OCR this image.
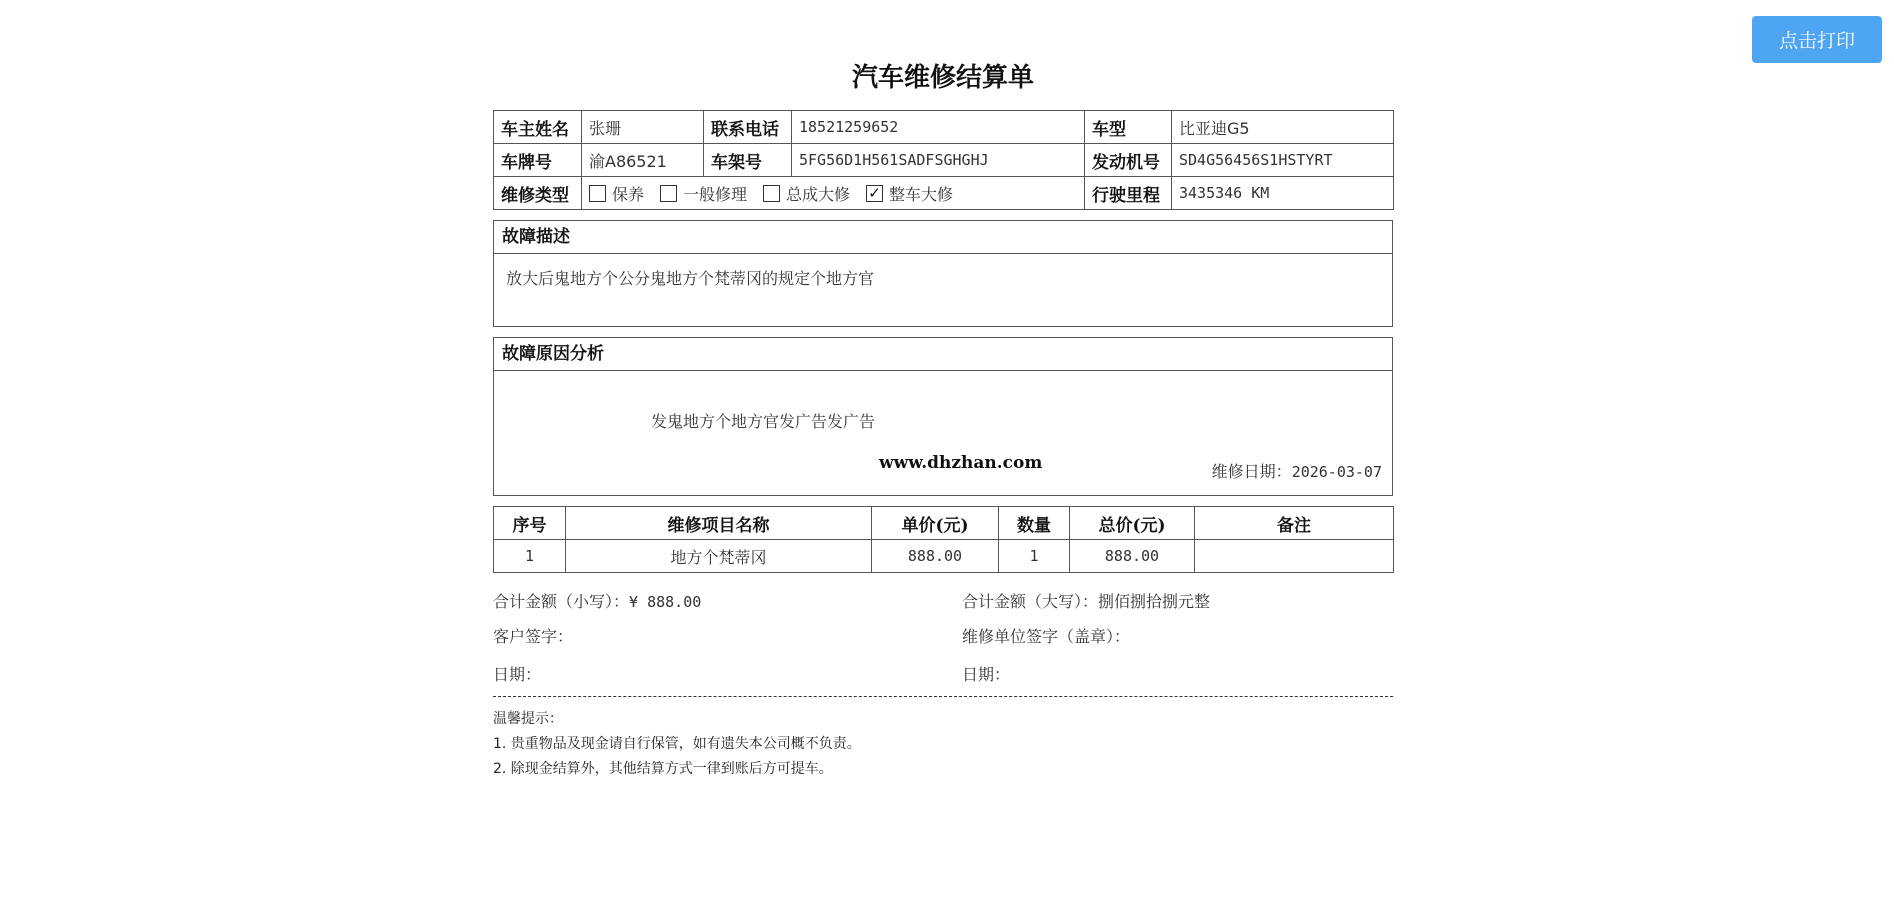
点击打印
汽车维修结算单
车主姓名	张珊	联系电话	18521259652	车型	比亚迪G5
车牌号	渝A86521	车架号	5FG56D1H561SADFSGHGHJ	发动机号	SD4G56456S1HSTYRT
维修类型	保养 一般修理 总成大修 ✓ 整车大修			行驶里程	3435346 KM
故障描述
放大后鬼地方个公分鬼地方个梵蒂冈的规定个地方官
故障原因分析
发鬼地方个地方官发广告发广告
www.dhzhan.com	维修日期：2026-03-07
序号	维修项目名称	单价(元)	数量	总价(元)	备注
1	地方个梵蒂冈	888.00	1	888.00	
合计金额（小写）：¥ 888.00	合计金额（大写）：捌佰捌拾捌元整
客户签字：	维修单位签字（盖章）：
日期：	日期：
温馨提示：
1. 贵重物品及现金请自行保管，如有遗失本公司概不负责。
2. 除现金结算外，其他结算方式一律到账后方可提车。
